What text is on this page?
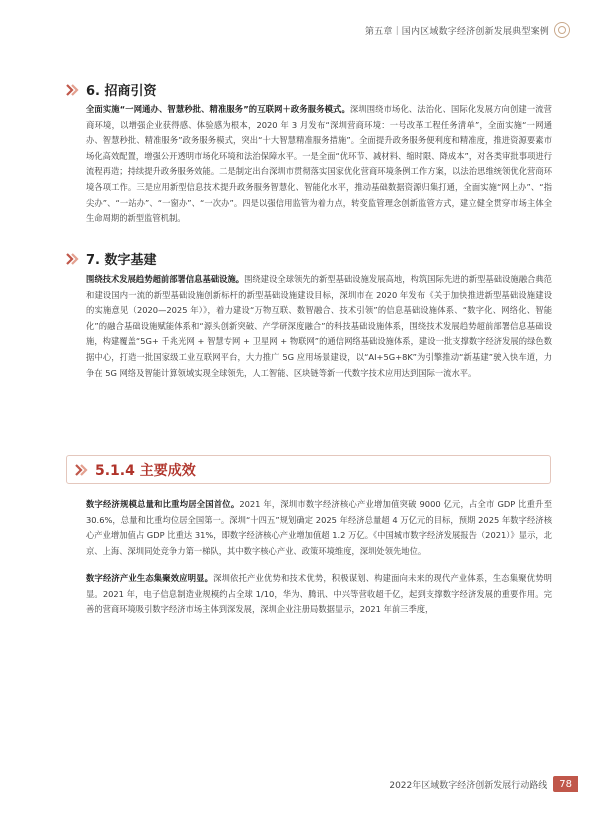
第五章｜国内区域数字经济创新发展典型案例
6. 招商引资
全面实施“一网通办、智慧秒批、精准服务”的互联网＋政务服务模式。深圳围绕市场化、法治化、国际化发展方向创建一流营商环境，以增强企业获得感、体验感为根本，2020 年 3 月发布“深圳营商环境：一号改革工程任务清单”，全面实施“一网通办、智慧秒批、精准服务”政务服务模式，突出“十大智慧精准服务措施”。全面提升政务服务便利度和精准度，推进资源要素市场化高效配置，增强公开透明市场化环境和法治保障水平。一是全面“优环节、减材料、缩时限、降成本”，对各类审批事项进行流程再造；持续提升政务服务效能。二是制定出台深圳市贯彻落实国家优化营商环境条例工作方案，以法治思维统领优化营商环境各项工作。三是应用新型信息技术提升政务服务智慧化、智能化水平，推动基础数据资源归集打通，全面实施“网上办”、“指尖办”、“一站办”、“一窗办”、“一次办”。四是以强信用监管为着力点，转变监管理念创新监管方式，建立健全贯穿市场主体全生命周期的新型监管机制。
7. 数字基建
围绕技术发展趋势超前部署信息基础设施。围绕建设全球领先的新型基础设施发展高地，构筑国际先进的新型基础设施融合典范和建设国内一流的新型基础设施创新标杆的新型基础设施建设目标，深圳市在 2020 年发布《关于加快推进新型基础设施建设的实施意见（2020—2025 年）》，着力建设“万物互联、数智融合、技术引领”的信息基础设施体系、“数字化、网络化、智能化”的融合基础设施赋能体系和“源头创新突破、产学研深度融合”的科技基础设施体系，围绕技术发展趋势超前部署信息基础设施，构建覆盖“5G+ 千兆光网 + 智慧专网 + 卫星网 + 物联网”的通信网络基础设施体系，建设一批支撑数字经济发展的绿色数据中心，打造一批国家级工业互联网平台，大力推广 5G 应用场景建设，以“AI+5G+8K”为引擎推动“新基建”驶入快车道，力争在 5G 网络及智能计算领域实现全球领先，人工智能、区块链等新一代数字技术应用达到国际一流水平。
5.1.4 主要成效
数字经济规模总量和比重均居全国首位。2021 年，深圳市数字经济核心产业增加值突破 9000 亿元，占全市 GDP 比重升至 30.6%，总量和比重均位居全国第一。深圳“十四五”规划确定 2025 年经济总量超 4 万亿元的目标，预期 2025 年数字经济核心产业增加值占 GDP 比重达 31%，即数字经济核心产业增加值超 1.2 万亿。《中国城市数字经济发展报告（2021）》显示，北京、上海、深圳同处竞争力第一梯队，其中数字核心产业、政策环境维度，深圳处领先地位。
数字经济产业生态集聚效应明显。深圳依托产业优势和技术优势，积极谋划、构建面向未来的现代产业体系，生态集聚优势明显。2021 年，电子信息制造业规模约占全球 1/10，华为、腾讯、中兴等营收超千亿，起到支撑数字经济发展的重要作用。完善的营商环境吸引数字经济市场主体到深发展，深圳企业注册局数据显示，2021 年前三季度，
2022年区域数字经济创新发展行动路线	78
